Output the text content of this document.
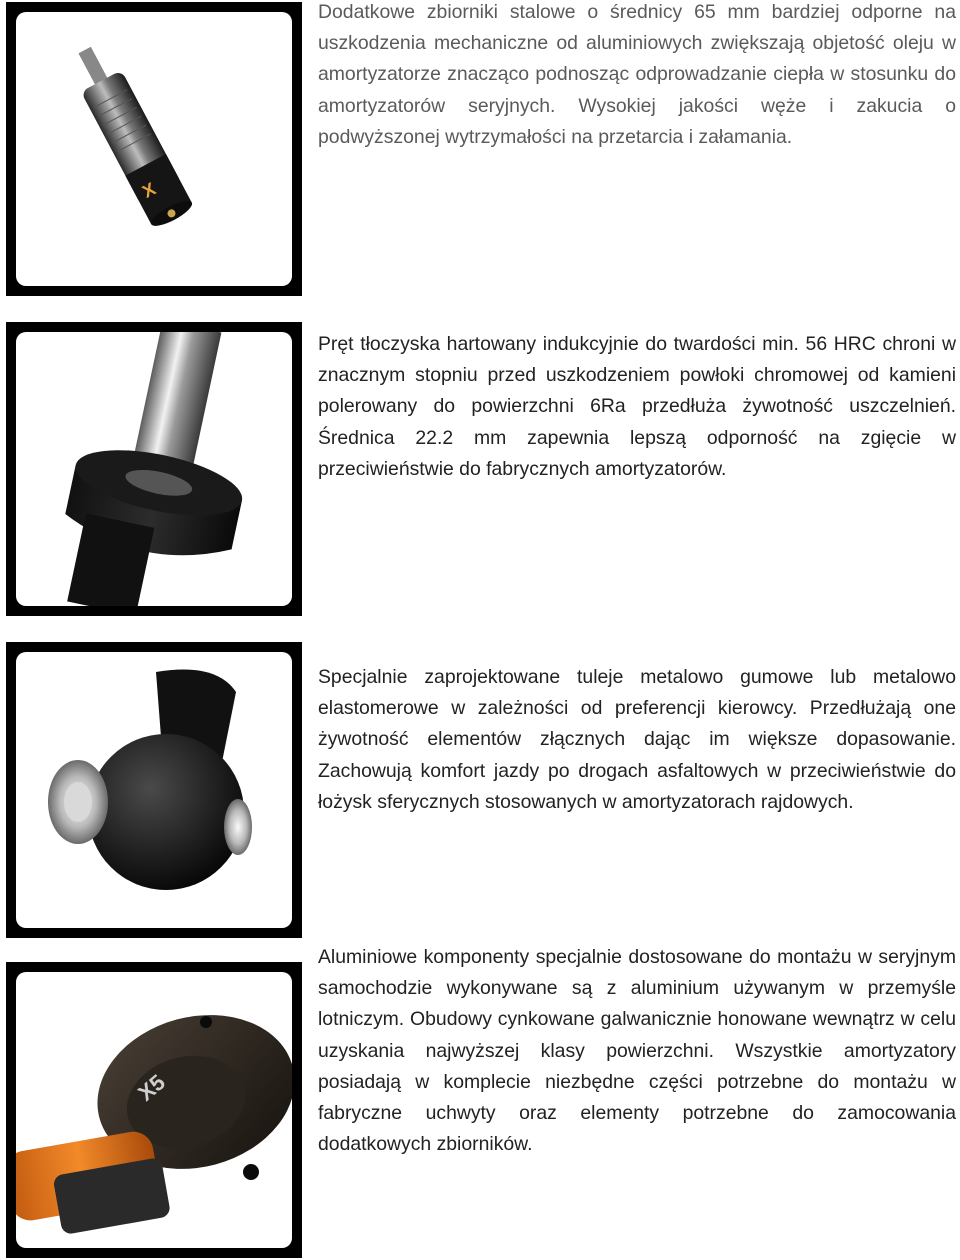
X
Dodatkowe zbiorniki stalowe o średnicy 65 mm bardziej odporne na uszkodzenia mechaniczne od aluminiowych zwiększają objetość oleju w amortyzatorze znacząco podnosząc odprowadzanie ciepła w stosunku do amortyzatorów seryjnych. Wysokiej jakości węże i zakucia o podwyższonej wytrzymałości na przetarcia i załamania.
Pręt tłoczyska hartowany indukcyjnie do twardości min. 56 HRC chroni w znacznym stopniu przed uszkodzeniem powłoki chromowej od kamieni polerowany do powierzchni 6Ra przedłuża żywotność uszczelnień. Średnica 22.2 mm zapewnia lepszą odporność na zgięcie w przeciwieństwie do fabrycznych amortyzatorów.
Specjalnie zaprojektowane tuleje metalowo gumowe lub metalowo elastomerowe w zależności od preferencji kierowcy. Przedłużają one żywotność elementów złącznych dając im większe dopasowanie. Zachowują komfort jazdy po drogach asfaltowych w przeciwieństwie do łożysk sferycznych stosowanych w amortyzatorach rajdowych.
X5
Aluminiowe komponenty specjalnie dostosowane do montażu w seryjnym samochodzie wykonywane są z aluminium używanym w przemyśle lotniczym. Obudowy cynkowane galwanicznie honowane wewnątrz w celu uzyskania najwyższej klasy powierzchni. Wszystkie amortyzatory posiadają w komplecie niezbędne części potrzebne do montażu w fabryczne uchwyty oraz elementy potrzebne do zamocowania dodatkowych zbiorników.
